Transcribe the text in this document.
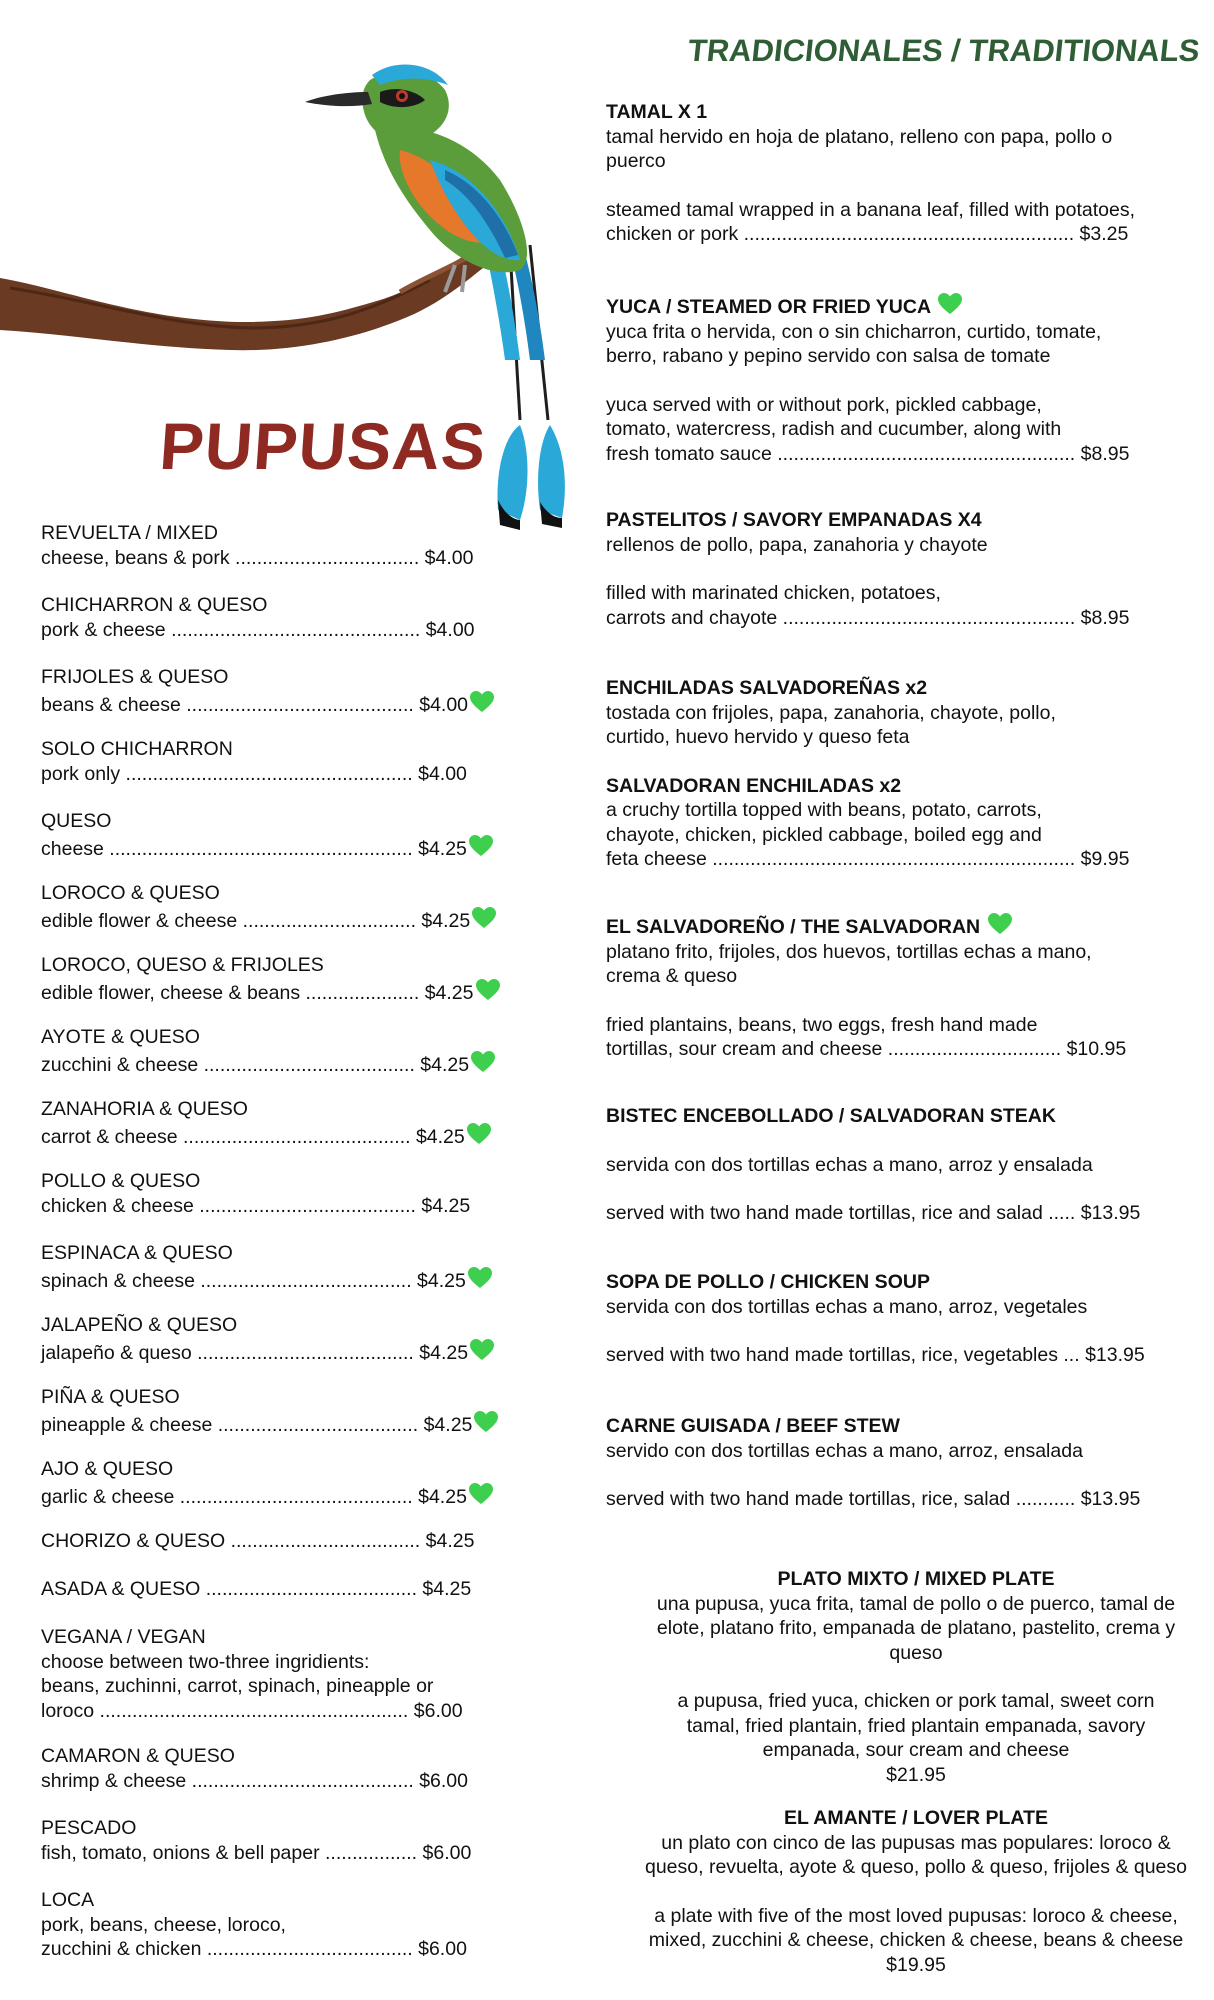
PUPUSAS
TRADICIONALES / TRADITIONALS
REVUELTA / MIXED
cheese, beans & pork .................................. $4.00
CHICHARRON & QUESO
pork & cheese .............................................. $4.00
FRIJOLES & QUESO
beans & cheese .......................................... $4.00
SOLO CHICHARRON
pork only ..................................................... $4.00
QUESO
cheese ........................................................ $4.25
LOROCO & QUESO
edible flower & cheese ................................ $4.25
LOROCO, QUESO & FRIJOLES
edible flower, cheese & beans ..................... $4.25
AYOTE & QUESO
zucchini & cheese ....................................... $4.25
ZANAHORIA & QUESO
carrot & cheese .......................................... $4.25
POLLO & QUESO
chicken & cheese ........................................ $4.25
ESPINACA & QUESO
spinach & cheese ....................................... $4.25
JALAPEÑO & QUESO
jalapeño & queso ........................................ $4.25
PIÑA & QUESO
pineapple & cheese ..................................... $4.25
AJO & QUESO
garlic & cheese ........................................... $4.25
CHORIZO & QUESO ................................... $4.25
ASADA & QUESO ....................................... $4.25
VEGANA / VEGAN
choose between two-three ingridients:
beans, zuchinni, carrot, spinach, pineapple or
loroco ......................................................... $6.00
CAMARON & QUESO
shrimp & cheese ......................................... $6.00
PESCADO
fish, tomato, onions & bell paper ................. $6.00
LOCA
pork, beans, cheese, loroco,
zucchini & chicken ...................................... $6.00
TAMAL X 1
tamal hervido en hoja de platano, relleno con papa, pollo o
puerco
steamed tamal wrapped in a banana leaf, filled with potatoes,
chicken or pork ............................................................. $3.25
YUCA / STEAMED OR FRIED YUCA
yuca frita o hervida, con o sin chicharron, curtido, tomate,
berro, rabano y pepino servido con salsa de tomate
yuca served with or without pork, pickled cabbage,
tomato, watercress, radish and cucumber, along with
fresh tomato sauce ....................................................... $8.95
PASTELITOS / SAVORY EMPANADAS X4
rellenos de pollo, papa, zanahoria y chayote
filled with marinated chicken, potatoes,
carrots and chayote ...................................................... $8.95
ENCHILADAS SALVADOREÑAS x2
tostada con frijoles, papa, zanahoria, chayote, pollo,
curtido, huevo hervido y queso feta
SALVADORAN ENCHILADAS x2
a cruchy tortilla topped with beans, potato, carrots,
chayote, chicken, pickled cabbage, boiled egg and
feta cheese ................................................................... $9.95
EL SALVADOREÑO / THE SALVADORAN
platano frito, frijoles, dos huevos, tortillas echas a mano,
crema & queso
fried plantains, beans, two eggs, fresh hand made
tortillas, sour cream and cheese ................................ $10.95
BISTEC ENCEBOLLADO / SALVADORAN STEAK
servida con dos tortillas echas a mano, arroz y ensalada
served with two hand made tortillas, rice and salad ..... $13.95
SOPA DE POLLO / CHICKEN SOUP
servida con dos tortillas echas a mano, arroz, vegetales
served with two hand made tortillas, rice, vegetables ... $13.95
CARNE GUISADA / BEEF STEW
servido con dos tortillas echas a mano, arroz, ensalada
served with two hand made tortillas, rice, salad ........... $13.95
PLATO MIXTO / MIXED PLATE
una pupusa, yuca frita, tamal de pollo o de puerco, tamal de
elote, platano frito, empanada de platano, pastelito, crema y
queso
a pupusa, fried yuca, chicken or pork tamal, sweet corn
tamal, fried plantain, fried plantain empanada, savory
empanada, sour cream and cheese
$21.95
EL AMANTE / LOVER PLATE
un plato con cinco de las pupusas mas populares: loroco &
queso, revuelta, ayote & queso, pollo & queso, frijoles & queso
a plate with five of the most loved pupusas: loroco & cheese,
mixed, zucchini & cheese, chicken & cheese, beans & cheese
$19.95
